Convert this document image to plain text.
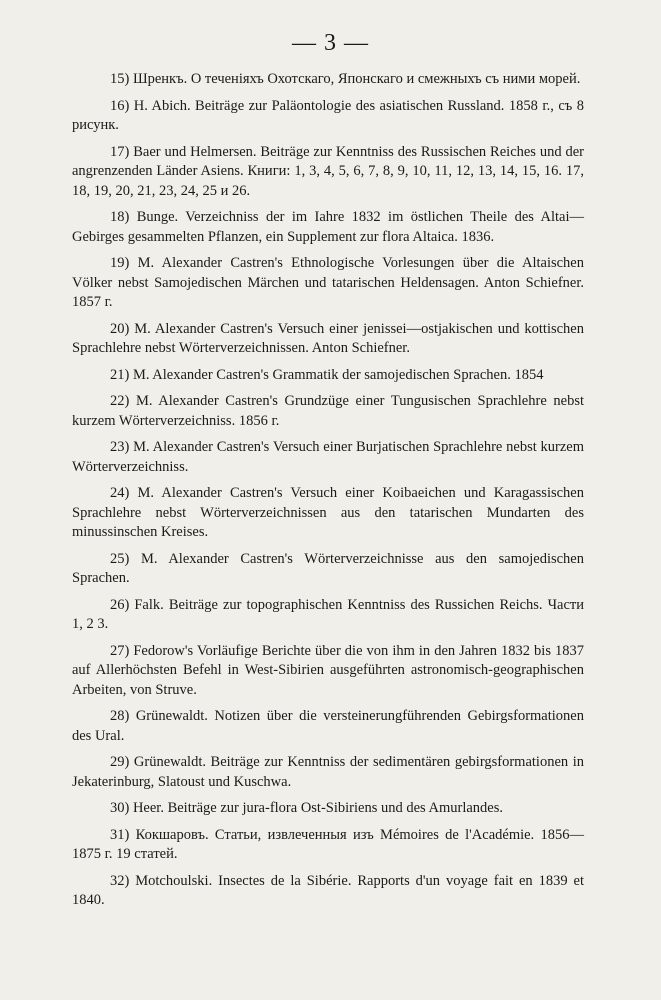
— 3 —

15) Шренкъ. О теченіяхъ Охотскаго, Японскаго и смежныхъ съ ними морей.

16) H. Abich. Beiträge zur Paläontologie des asiatischen Russland. 1858 г., съ 8 рисунк.

17) Baer und Helmersen. Beiträge zur Kenntniss des Russischen Reiches und der angrenzenden Länder Asiens. Книги: 1, 3, 4, 5, 6, 7, 8, 9, 10, 11, 12, 13, 14, 15, 16. 17, 18, 19, 20, 21, 23, 24, 25 и 26.

18) Bunge. Verzeichniss der im Iahre 1832 im östlichen Theile des Altai—Gebirges gesammelten Pflanzen, ein Supplement zur flora Altaica. 1836.

19) M. Alexander Castren's Ethnologische Vorlesungen über die Altaischen Völker nebst Samojedischen Märchen und tatarischen Heldensagen. Anton Schiefner. 1857 г.

20) M. Alexander Castren's Versuch einer jenissei—ostjakischen und kottischen Sprachlehre nebst Wörterverzeichnissen. Anton Schiefner.

21) M. Alexander Castren's Grammatik der samojedischen Sprachen. 1854

22) M. Alexander Castren's Grundzüge einer Tungusischen Sprachlehre nebst kurzem Wörterverzeichniss. 1856 г.

23) M. Alexander Castren's Versuch einer Burjatischen Sprachlehre nebst kurzem Wörterverzeichniss.

24) M. Alexander Castren's Versuch einer Koibaeichen und Karagassischen Sprachlehre nebst Wörterverzeichnissen aus den tatarischen Mundarten des minussinschen Kreises.

25) M. Alexander Castren's Wörterverzeichnisse aus den samojedischen Sprachen.

26) Falk. Beiträge zur topographischen Kenntniss des Russichen Reichs. Части 1, 2 3.

27) Fedorow's Vorläufige Berichte über die von ihm in den Jahren 1832 bis 1837 auf Allerhöchsten Befehl in West-Sibirien ausgeführten astronomisch-geographischen Arbeiten, von Struve.

28) Grünewaldt. Notizen über die versteinerungführenden Gebirgsformationen des Ural.

29) Grünewaldt. Beiträge zur Kenntniss der sedimentären gebirgsformationen in Jekaterinburg, Slatoust und Kuschwa.

30) Heer. Beiträge zur jura-flora Ost-Sibiriens und des Amurlandes.

31) Кокшаровъ. Статьи, извлеченныя изъ Mémoires de l'Académie. 1856—1875 г. 19 статей.

32) Motchoulski. Insectes de la Sibérie. Rapports d'un voyage fait en 1839 et 1840.
